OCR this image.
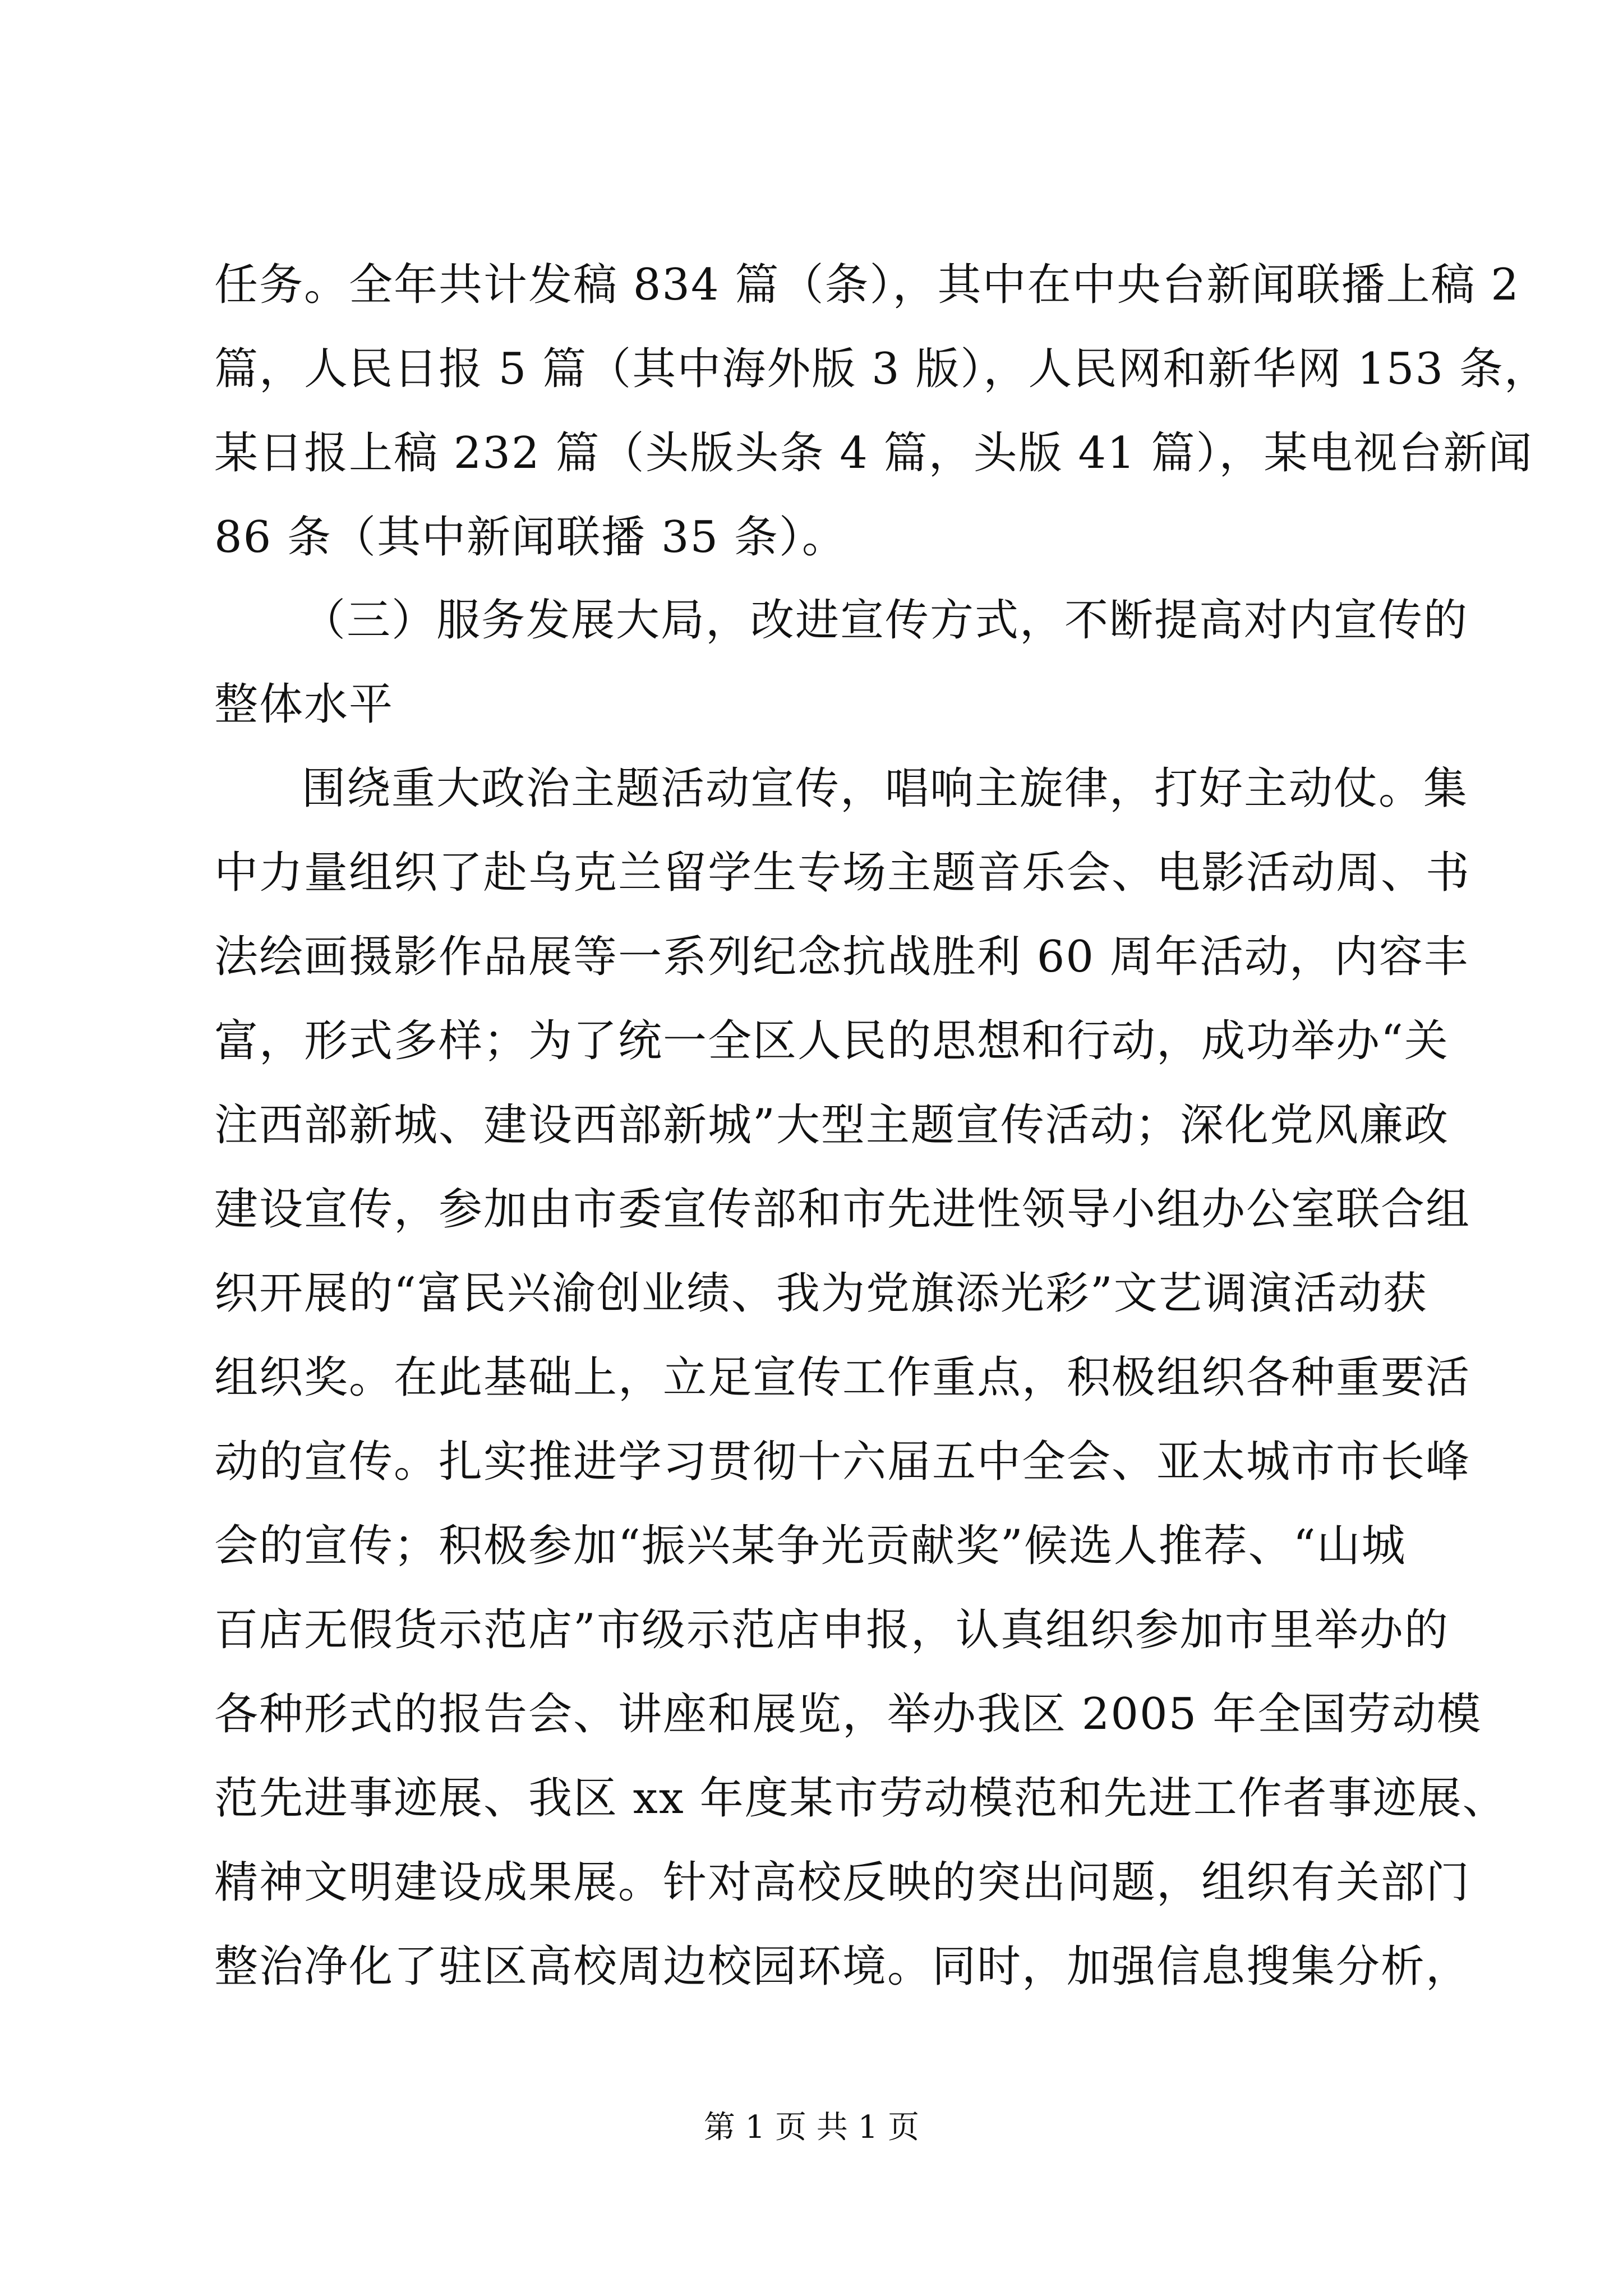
任务。全年共计发稿 834 篇（条），其中在中央台新闻联播上稿 2
篇，人民日报 5 篇（其中海外版 3 版），人民网和新华网 153 条，
某日报上稿 232 篇（头版头条 4 篇，头版 41 篇），某电视台新闻
86 条（其中新闻联播 35 条）。
（三）服务发展大局，改进宣传方式，不断提高对内宣传的
整体水平
围绕重大政治主题活动宣传，唱响主旋律，打好主动仗。集
中力量组织了赴乌克兰留学生专场主题音乐会、电影活动周、书
法绘画摄影作品展等一系列纪念抗战胜利 60 周年活动，内容丰
富，形式多样；为了统一全区人民的思想和行动，成功举办“关
注西部新城、建设西部新城”大型主题宣传活动；深化党风廉政
建设宣传，参加由市委宣传部和市先进性领导小组办公室联合组
织开展的“富民兴渝创业绩、我为党旗添光彩”文艺调演活动获
组织奖。在此基础上，立足宣传工作重点，积极组织各种重要活
动的宣传。扎实推进学习贯彻十六届五中全会、亚太城市市长峰
会的宣传；积极参加“振兴某争光贡献奖”候选人推荐、“山城
百店无假货示范店”市级示范店申报，认真组织参加市里举办的
各种形式的报告会、讲座和展览，举办我区 2005 年全国劳动模
范先进事迹展、我区 xx 年度某市劳动模范和先进工作者事迹展、
精神文明建设成果展。针对高校反映的突出问题，组织有关部门
整治净化了驻区高校周边校园环境。同时，加强信息搜集分析，
第 1 页 共 1 页
